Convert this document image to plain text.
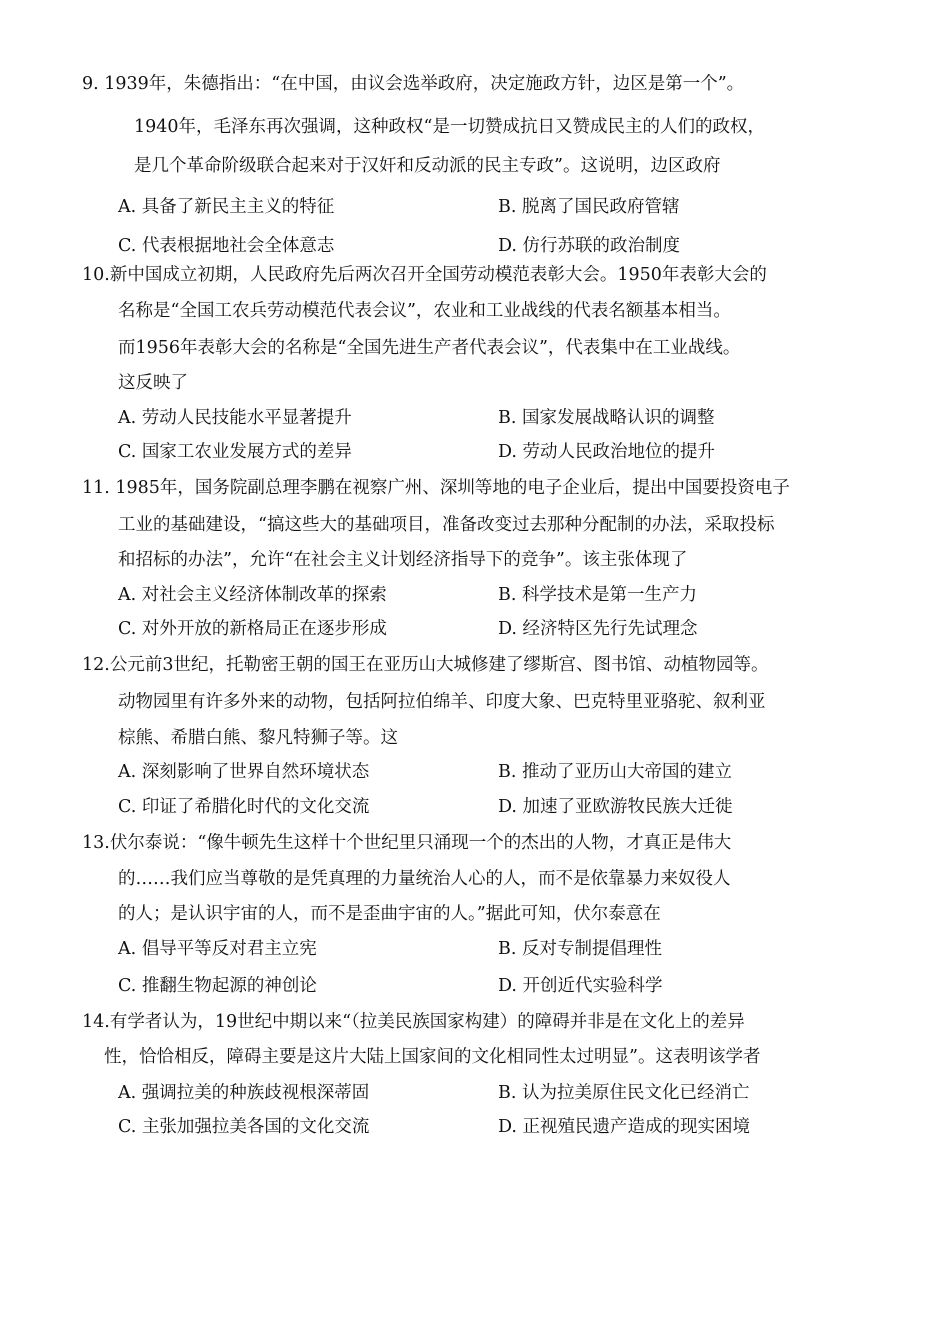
9. 1939年，朱德指出：“在中国，由议会选举政府，决定施政方针，边区是第一个”。
1940年，毛泽东再次强调，这种政权“是一切赞成抗日又赞成民主的人们的政权，
是几个革命阶级联合起来对于汉奸和反动派的民主专政”。这说明，边区政府
A. 具备了新民主主义的特征	B. 脱离了国民政府管辖
C. 代表根据地社会全体意志	D. 仿行苏联的政治制度
10.新中国成立初期，人民政府先后两次召开全国劳动模范表彰大会。1950年表彰大会的
名称是“全国工农兵劳动模范代表会议”，农业和工业战线的代表名额基本相当。
而1956年表彰大会的名称是“全国先进生产者代表会议”，代表集中在工业战线。
这反映了
A. 劳动人民技能水平显著提升	B. 国家发展战略认识的调整
C. 国家工农业发展方式的差异	D. 劳动人民政治地位的提升
11. 1985年，国务院副总理李鹏在视察广州、深圳等地的电子企业后，提出中国要投资电子
工业的基础建设，“搞这些大的基础项目，准备改变过去那种分配制的办法，采取投标
和招标的办法”，允许“在社会主义计划经济指导下的竞争”。该主张体现了
A. 对社会主义经济体制改革的探索	B. 科学技术是第一生产力
C. 对外开放的新格局正在逐步形成	D. 经济特区先行先试理念
12.公元前3世纪，托勒密王朝的国王在亚历山大城修建了缪斯宫、图书馆、动植物园等。
动物园里有许多外来的动物，包括阿拉伯绵羊、印度大象、巴克特里亚骆驼、叙利亚
棕熊、希腊白熊、黎凡特狮子等。这
A. 深刻影响了世界自然环境状态	B. 推动了亚历山大帝国的建立
C. 印证了希腊化时代的文化交流	D. 加速了亚欧游牧民族大迁徙
13.伏尔泰说：“像牛顿先生这样十个世纪里只涌现一个的杰出的人物，才真正是伟大
的……我们应当尊敬的是凭真理的力量统治人心的人，而不是依靠暴力来奴役人
的人；是认识宇宙的人，而不是歪曲宇宙的人。”据此可知，伏尔泰意在
A. 倡导平等反对君主立宪	B. 反对专制提倡理性
C. 推翻生物起源的神创论	D. 开创近代实验科学
14.有学者认为，19世纪中期以来“（拉美民族国家构建）的障碍并非是在文化上的差异
性，恰恰相反，障碍主要是这片大陆上国家间的文化相同性太过明显”。这表明该学者
A. 强调拉美的种族歧视根深蒂固	B. 认为拉美原住民文化已经消亡
C. 主张加强拉美各国的文化交流	D. 正视殖民遗产造成的现实困境
